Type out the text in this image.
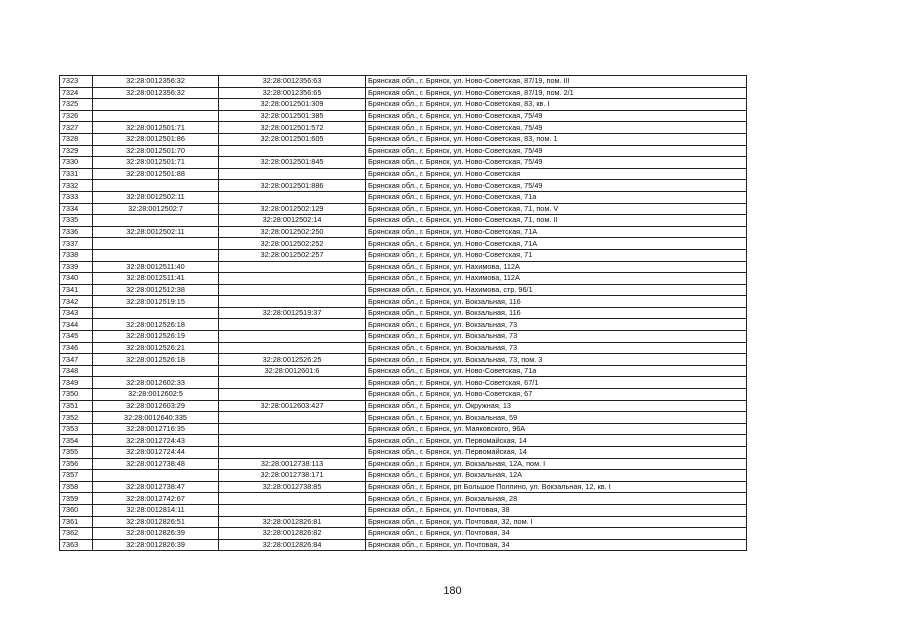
7323	32:28:0012356:32	32:28:0012356:63	Брянская обл., г. Брянск, ул. Ново-Советская, 87/19, пом. III
7324	32:28:0012356:32	32:28:0012356:65	Брянская обл., г. Брянск, ул. Ново-Советская, 87/19, пом. 2/1
7325		32:28:0012501:309	Брянская обл., г. Брянск, ул. Ново-Советская, 83, кв. I
7326		32:28:0012501:385	Брянская обл., г. Брянск, ул. Ново-Советская, 75/49
7327	32:28:0012501:71	32:28:0012501:572	Брянская обл., г. Брянск, ул. Ново-Советская, 75/49
7328	32:28:0012501:86	32:28:0012501:605	Брянская обл., г. Брянск, ул. Ново-Советская, 83, пом. 1
7329	32:28:0012501:70		Брянская обл., г. Брянск, ул. Ново-Советская, 75/49
7330	32:28:0012501:71	32:28:0012501:845	Брянская обл., г. Брянск, ул. Ново-Советская, 75/49
7331	32:28:0012501:88		Брянская обл., г. Брянск, ул. Ново-Советская
7332		32:28:0012501:886	Брянская обл., г. Брянск, ул. Ново-Советская, 75/49
7333	32:28:0012502:11		Брянская обл., г. Брянск, ул. Ново-Советская, 71а
7334	32:28:0012502:7	32:28:0012502:129	Брянская обл., г. Брянск, ул. Ново-Советская, 71, пом. V
7335		32:28:0012502:14	Брянская обл., г. Брянск, ул. Ново-Советская, 71, пом. II
7336	32:28:0012502:11	32:28:0012502:250	Брянская обл., г. Брянск, ул. Ново-Советская, 71А
7337		32:28:0012502:252	Брянская обл., г. Брянск, ул. Ново-Советская, 71А
7338		32:28:0012502:257	Брянская обл., г. Брянск, ул. Ново-Советская, 71
7339	32:28:0012511:40		Брянская обл., г. Брянск, ул. Нахимова, 112А
7340	32:28:0012511:41		Брянская обл., г. Брянск, ул. Нахимова, 112А
7341	32:28:0012512:38		Брянская обл., г. Брянск, ул. Нахимова, стр. 96/1
7342	32:28:0012519:15		Брянская обл., г. Брянск, ул. Вокзальная, 116
7343		32:28:0012519:37	Брянская обл., г. Брянск, ул. Вокзальная, 116
7344	32:28:0012526:18		Брянская обл., г. Брянск, ул. Вокзальная, 73
7345	32:28:0012526:19		Брянская обл., г. Брянск, ул. Вокзальная, 73
7346	32:28:0012526:21		Брянская обл., г. Брянск, ул. Вокзальная, 73
7347	32:28:0012526:18	32:28:0012526:25	Брянская обл., г. Брянск, ул. Вокзальная, 73, пом. 3
7348		32:28:0012601:6	Брянская обл., г. Брянск, ул. Ново-Советская, 71а
7349	32:28:0012602:33		Брянская обл., г. Брянск, ул. Ново-Советская, 67/1
7350	32:28:0012602:5		Брянская обл., г. Брянск, ул. Ново-Советская, 67
7351	32:28:0012603:29	32:28:0012603:427	Брянская обл., г. Брянск, ул. Окружная, 13
7352	32:28:0012640:335		Брянская обл., г. Брянск, ул. Вокзальная, 59
7353	32:28:0012716:35		Брянская обл., г. Брянск, ул. Маяковского, 96А
7354	32:28:0012724:43		Брянская обл., г. Брянск, ул. Первомайская, 14
7355	32:28:0012724:44		Брянская обл., г. Брянск, ул. Первомайская, 14
7356	32:28:0012738:48	32:28:0012738:113	Брянская обл., г. Брянск, ул. Вокзальная, 12А, пом. I
7357		32:28:0012738:171	Брянская обл., г. Брянск, ул. Вокзальная, 12А
7358	32:28:0012738:47	32:28:0012738:85	Брянская обл., г. Брянск, рп Большое Полпино, ул. Вокзальная, 12, кв. I
7359	32:28:0012742:67		Брянская обл., г. Брянск, ул. Вокзальная, 28
7360	32:28:0012814:11		Брянская обл., г. Брянск, ул. Почтовая, 38
7361	32:28:0012826:51	32:28:0012826:81	Брянская обл., г. Брянск, ул. Почтовая, 32, пом. I
7362	32:28:0012826:39	32:28:0012826:82	Брянская обл., г. Брянск, ул. Почтовая, 34
7363	32:28:0012826:39	32:28:0012826:84	Брянская обл., г. Брянск, ул. Почтовая, 34
180
